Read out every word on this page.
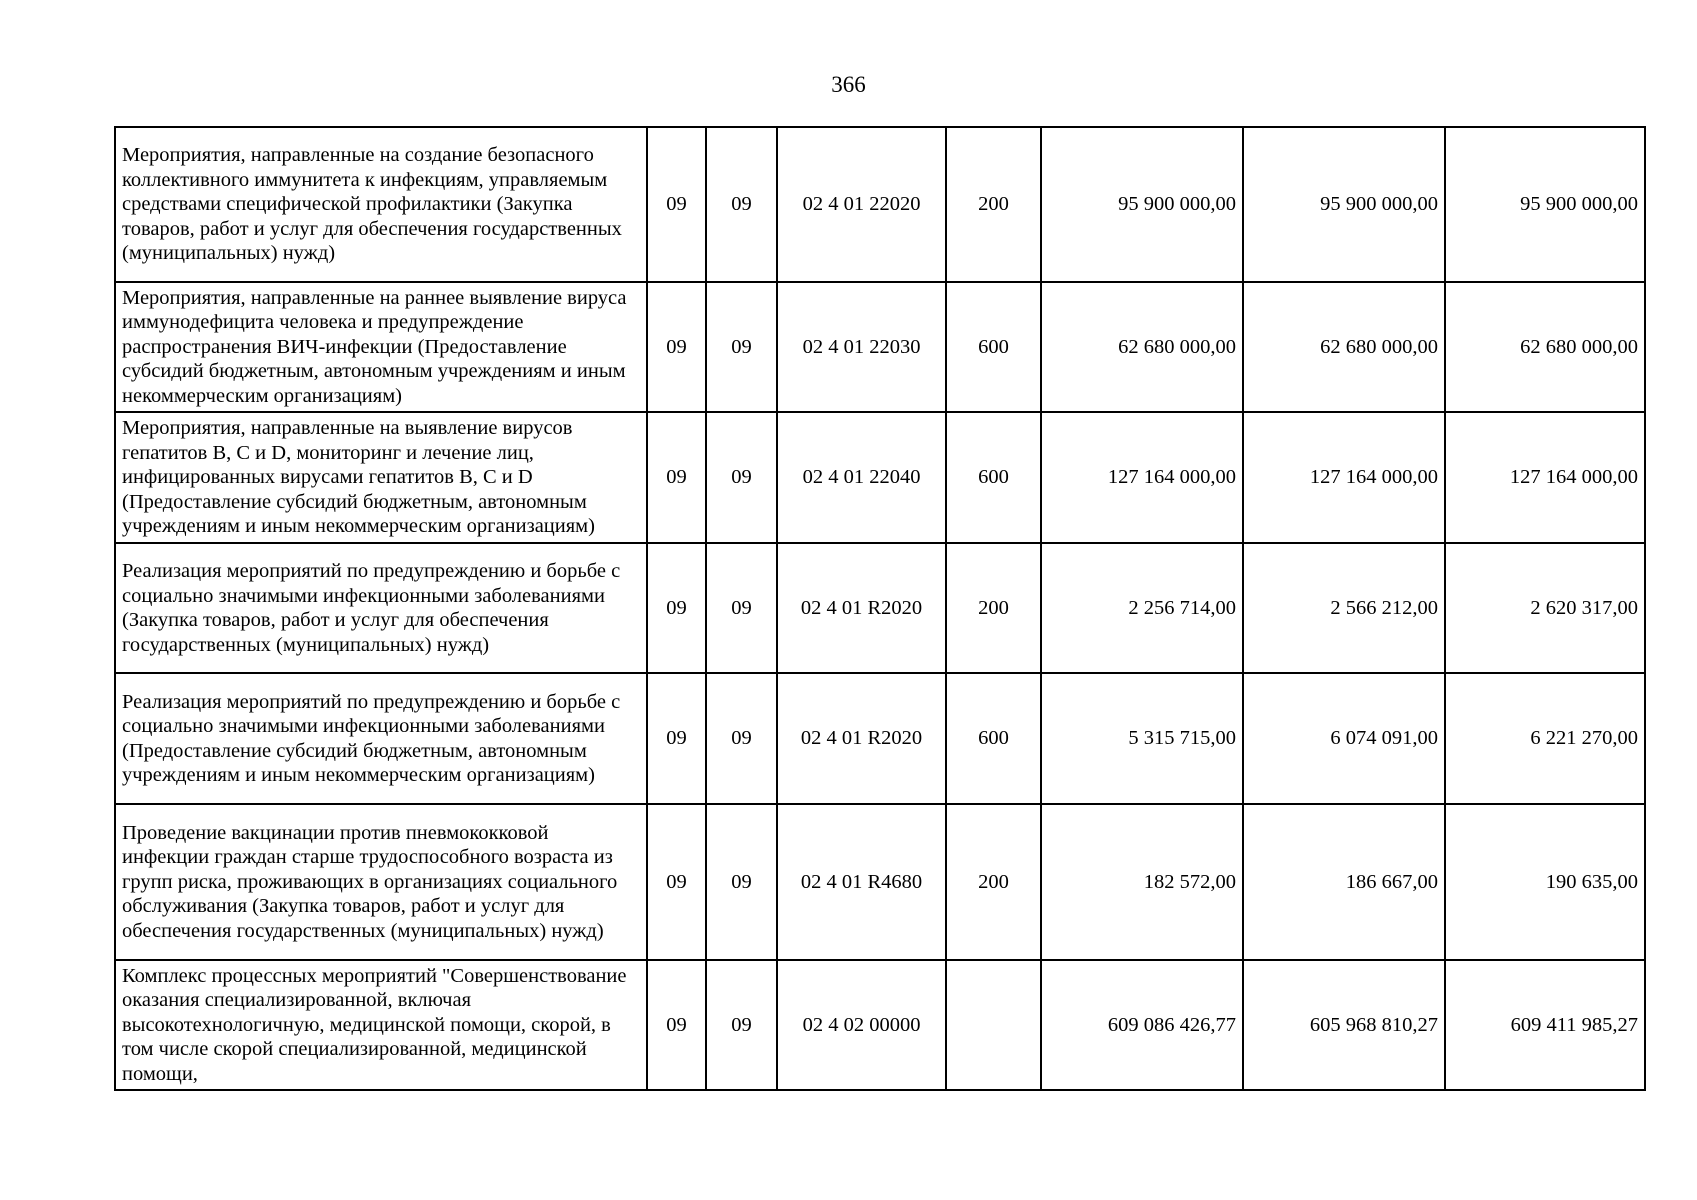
366
Мероприятия, направленные на создание безопасного коллективного иммунитета к инфекциям, управляемым средствами специфической профилактики (Закупка товаров, работ и услуг для обеспечения государственных (муниципальных) нужд)	09	09	02 4 01 22020	200	95 900 000,00	95 900 000,00	95 900 000,00
Мероприятия, направленные на раннее выявление вируса иммунодефицита человека и предупреждение распространения ВИЧ-инфекции (Предоставление субсидий бюджетным, автономным учреждениям и иным некоммерческим организациям)	09	09	02 4 01 22030	600	62 680 000,00	62 680 000,00	62 680 000,00
Мероприятия, направленные на выявление вирусов гепатитов B, C и D, мониторинг и лечение лиц, инфицированных вирусами гепатитов B, C и D (Предоставление субсидий бюджетным, автономным учреждениям и иным некоммерческим организациям)	09	09	02 4 01 22040	600	127 164 000,00	127 164 000,00	127 164 000,00
Реализация мероприятий по предупреждению и борьбе с социально значимыми инфекционными заболеваниями (Закупка товаров, работ и услуг для обеспечения государственных (муниципальных) нужд)	09	09	02 4 01 R2020	200	2 256 714,00	2 566 212,00	2 620 317,00
Реализация мероприятий по предупреждению и борьбе с социально значимыми инфекционными заболеваниями (Предоставление субсидий бюджетным, автономным учреждениям и иным некоммерческим организациям)	09	09	02 4 01 R2020	600	5 315 715,00	6 074 091,00	6 221 270,00
Проведение вакцинации против пневмококковой инфекции граждан старше трудоспособного возраста из групп риска, проживающих в организациях социального обслуживания (Закупка товаров, работ и услуг для обеспечения государственных (муниципальных) нужд)	09	09	02 4 01 R4680	200	182 572,00	186 667,00	190 635,00
Комплекс процессных мероприятий "Совершенствование оказания специализированной, включая высокотехнологичную, медицинской помощи, скорой, в том числе скорой специализированной, медицинской помощи,	09	09	02 4 02 00000		609 086 426,77	605 968 810,27	609 411 985,27
